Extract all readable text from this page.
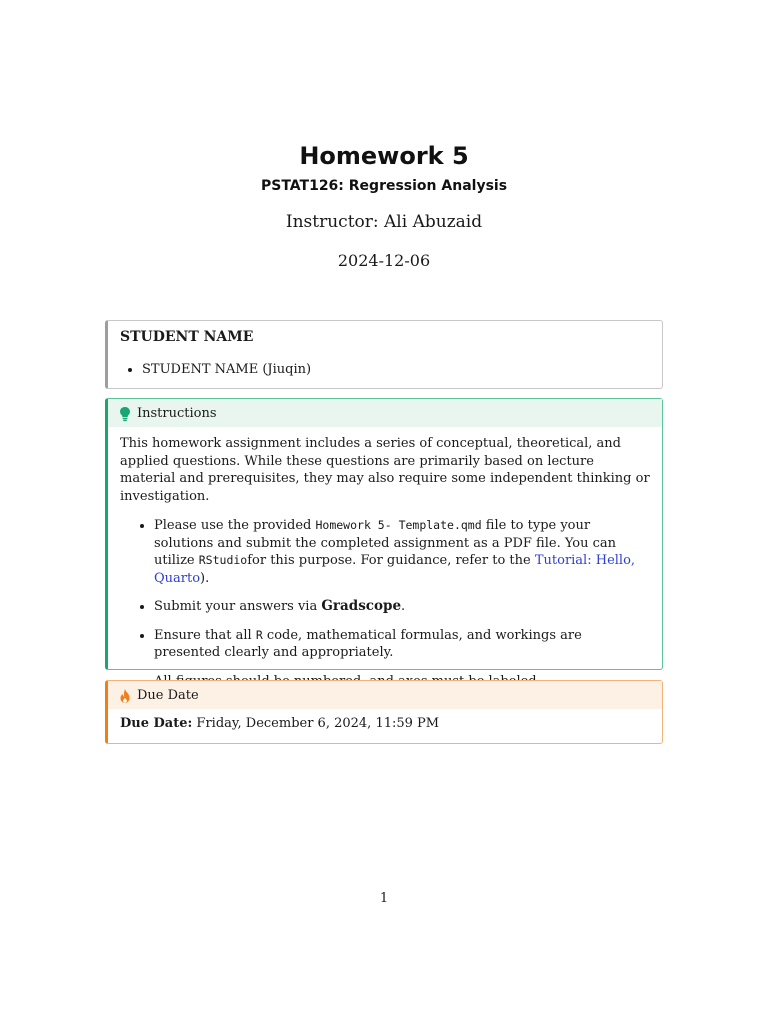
Homework 5
PSTAT126: Regression Analysis
Instructor: Ali Abuzaid
2024-12-06
STUDENT NAME
• STUDENT NAME (Jiuqin)
Instructions

This homework assignment includes a series of conceptual, theoretical, and applied questions. While these questions are primarily based on lecture material and prerequisites, they may also require some independent thinking or investigation.

• Please use the provided Homework 5- Template.qmd file to type your solutions and submit the completed assignment as a PDF file. You can utilize RStudiofor this purpose. For guidance, refer to the Tutorial: Hello, Quarto).
• Submit your answers via Gradscope.
• Ensure that all R code, mathematical formulas, and workings are presented clearly and appropriately.
•
Due Date
Due Date: Friday, December 6, 2024, 11:59 PM
1
